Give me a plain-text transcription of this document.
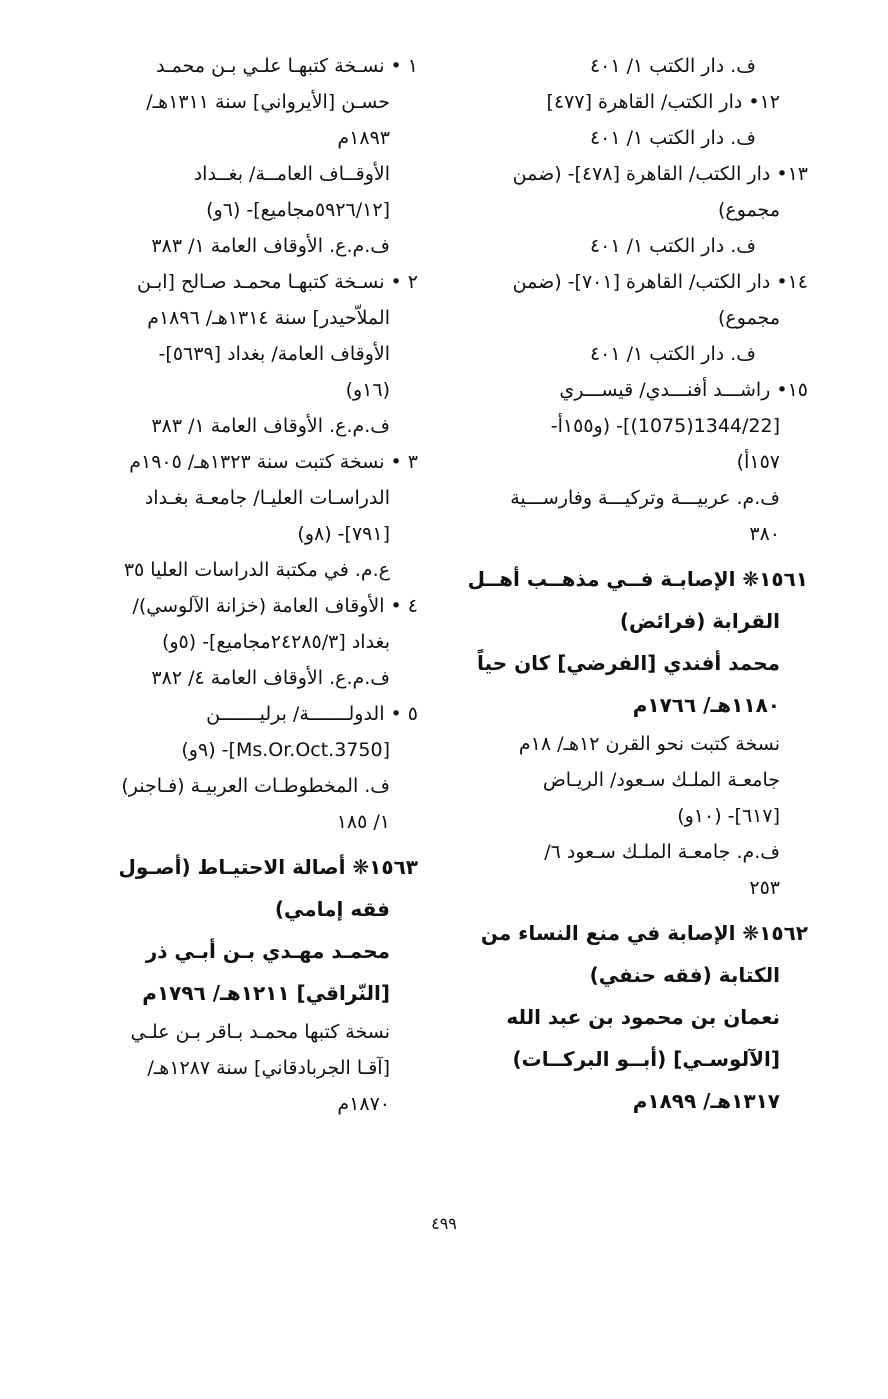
ف. دار الكتب ١/ ٤٠١
١٢• دار الكتب/ القاهرة [٤٧٧]
ف. دار الكتب ١/ ٤٠١
١٣• دار الكتب/ القاهرة [٤٧٨]- (ضمن
مجموع)
ف. دار الكتب ١/ ٤٠١
١٤• دار الكتب/ القاهرة [٧٠١]- (ضمن
مجموع)
ف. دار الكتب ١/ ٤٠١
١٥• راشـــد أفنـــدي/ قيســـري
[1344/22(1075)]- (و١٥٥أ-
١٥٧أ)
ف.م. عربيـــة وتركيـــة وفارســـية
٣٨٠
١٥٦١❋ الإصابـة فــي مذهــب أهــل
القرابة (فرائض)
محمد أفندي [الفرضي] كان حياً
١١٨٠هـ/ ١٧٦٦م
نسخة كتبت نحو القرن ١٢هـ/ ١٨م
جامعـة الملـك سـعود/ الريـاض
[٦١٧]- (١٠و)
ف.م. جامعـة الملـك سـعود ٦/
٢٥٣
١٥٦٢❋ الإصابة في منع النساء من
الكتابة (فقه حنفي)
نعمان بن محمود بن عبد الله
[الآلوسـي] (أبــو البركــات)
١٣١٧هـ/ ١٨٩٩م
١ • نسـخة كتبهـا علـي بـن محمـد
حسـن [الأيرواني] سنة ١٣١١هـ/
١٨٩٣م
الأوقــاف العامــة/ بغــداد
[٥٩٢٦/١٢مجاميع]- (٦و)
ف.م.ع. الأوقاف العامة ١/ ٣٨٣
٢ • نسـخة كتبهـا محمـد صـالح [ابـن
الملاّحيدر] سنة ١٣١٤هـ/ ١٨٩٦م
الأوقاف العامة/ بغداد [٥٦٣٩]-
(١٦و)
ف.م.ع. الأوقاف العامة ١/ ٣٨٣
٣ • نسخة كتبت سنة ١٣٢٣هـ/ ١٩٠٥م
الدراسـات العليـا/ جامعـة بغـداد
[٧٩١]- (٨و)
ع.م. في مكتبة الدراسات العليا ٣٥
٤ • الأوقاف العامة (خزانة الآلوسي)/
بغداد [٢٤٢٨٥/٣مجاميع]- (٥و)
ف.م.ع. الأوقاف العامة ٤/ ٣٨٢
٥ • الدولـــــــة/ برليـــــــن
[Ms.Or.Oct.3750]- (٩و)
ف. المخطوطـات العربيـة (فـاجنر)
١/ ١٨٥
١٥٦٣❋ أصالة الاحتيـاط (أصـول
فقه إمامي)
محمـد مهـدي بـن أبـي ذر
[النّراقي] ١٢١١هـ/ ١٧٩٦م
نسخة كتبها محمـد بـاقر بـن علـي
[آقـا الجربادقاني] سنة ١٢٨٧هـ/
١٨٧٠م
٤٩٩
